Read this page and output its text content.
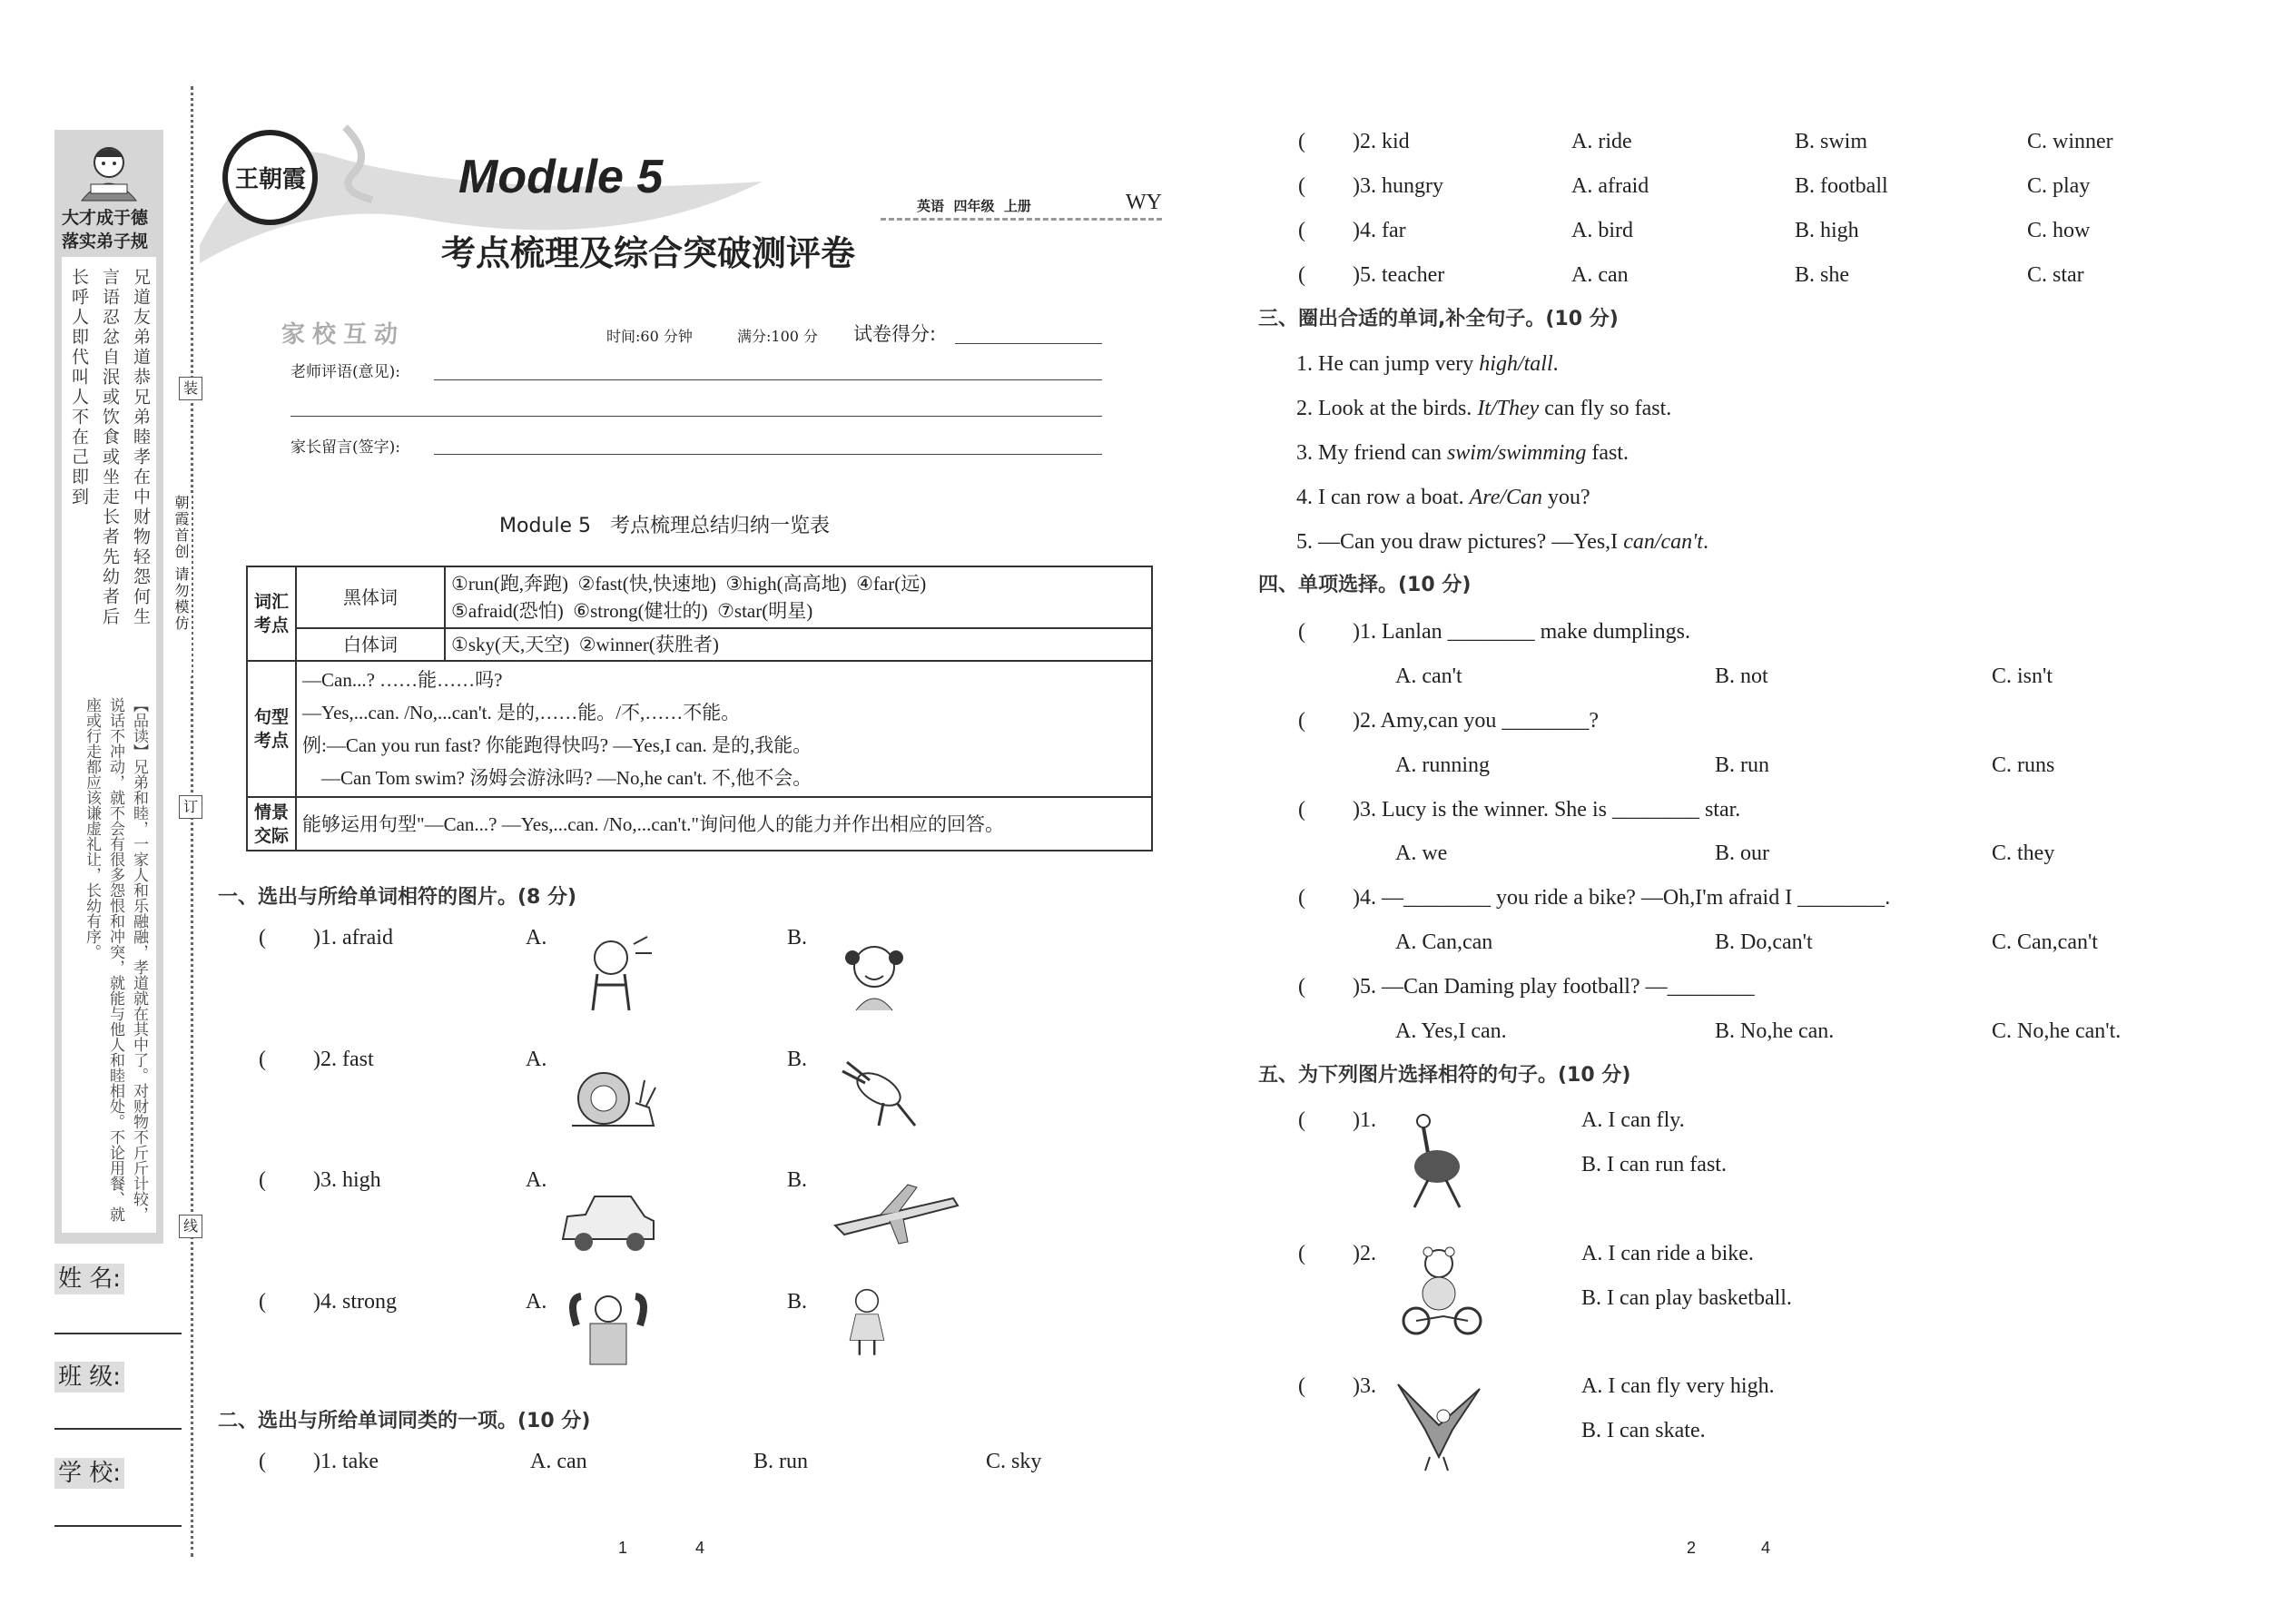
大才成于德
落实弟子规
兄道友弟道恭兄弟睦孝在中财物轻怨何生
言语忍忿自泯或饮食或坐走长者先幼者后
长呼人即代叫人不在己即到
【品读】兄弟和睦，一家人和乐融融，孝道就在其中了。对财物不斤斤计较，说话不冲动，就不会有很多怨恨和冲突，就能与他人和睦相处。不论用餐、就座或行走都应该谦虚礼让，长幼有序。
装
订
线
朝霞首创 请勿模仿
姓 名:
班 级:
学 校:
王朝霞	Module 5
考点梳理及综合突破测评卷
英语  四年级  上册	WY
家校互动	时间:60 分钟	满分:100 分 试卷得分:
老师评语(意见):
家长留言(签字):
Module 5   考点梳理总结归纳一览表
词汇考点	黑体词	①run(跑,奔跑)  ②fast(快,快速地)  ③high(高高地)  ④far(远)
⑤afraid(恐怕)  ⑥strong(健壮的)  ⑦star(明星)

	白体词	①sky(天,天空)  ②winner(获胜者)
句型考点	—Can...? ……能……吗?
—Yes,...can. /No,...can't. 是的,……能。/不,……不能。
例:—Can you run fast? 你能跑得快吗? —Yes,I can. 是的,我能。
　—Can Tom swim? 汤姆会游泳吗? —No,he can't. 不,他不会。	

情景交际	能够运用句型"—Can...? —Yes,...can. /No,...can't."询问他人的能力并作出相应的回答。	
一、选出与所给单词相符的图片。(8 分)
( )1. afraid	A.	B.
( )2. fast	A.	B.
( )3. high	A.	B.
( )4. strong	A.	B.
二、选出与所给单词同类的一项。(10 分)
( )1. take	A. can	B. run	C. sky
1	4
( )2. kid	A. ride	B. swim	C. winner
( )3. hungry	A. afraid	B. football	C. play
( )4. far	A. bird	B. high	C. how
( )5. teacher	A. can	B. she	C. star
三、圈出合适的单词,补全句子。(10 分)
1. He can jump very high/tall.
2. Look at the birds. It/They can fly so fast.
3. My friend can swim/swimming fast.
4. I can row a boat. Are/Can you?
5. —Can you draw pictures? —Yes,I can/can't.
四、单项选择。(10 分)
( )1. Lanlan ________ make dumplings.
A. can't	B. not	C. isn't
( )2. Amy,can you ________?
A. running	B. run	C. runs
( )3. Lucy is the winner. She is ________ star.
A. we	B. our	C. they
( )4. —________ you ride a bike? —Oh,I'm afraid I ________.
A. Can,can	B. Do,can't	C. Can,can't
( )5. —Can Daming play football? —________
A. Yes,I can.	B. No,he can.	C. No,he can't.
五、为下列图片选择相符的句子。(10 分)
( )1.	A. I can fly.
B. I can run fast.
( )2.	A. I can ride a bike.
B. I can play basketball.
( )3.	A. I can fly very high.
B. I can skate.
2	4
